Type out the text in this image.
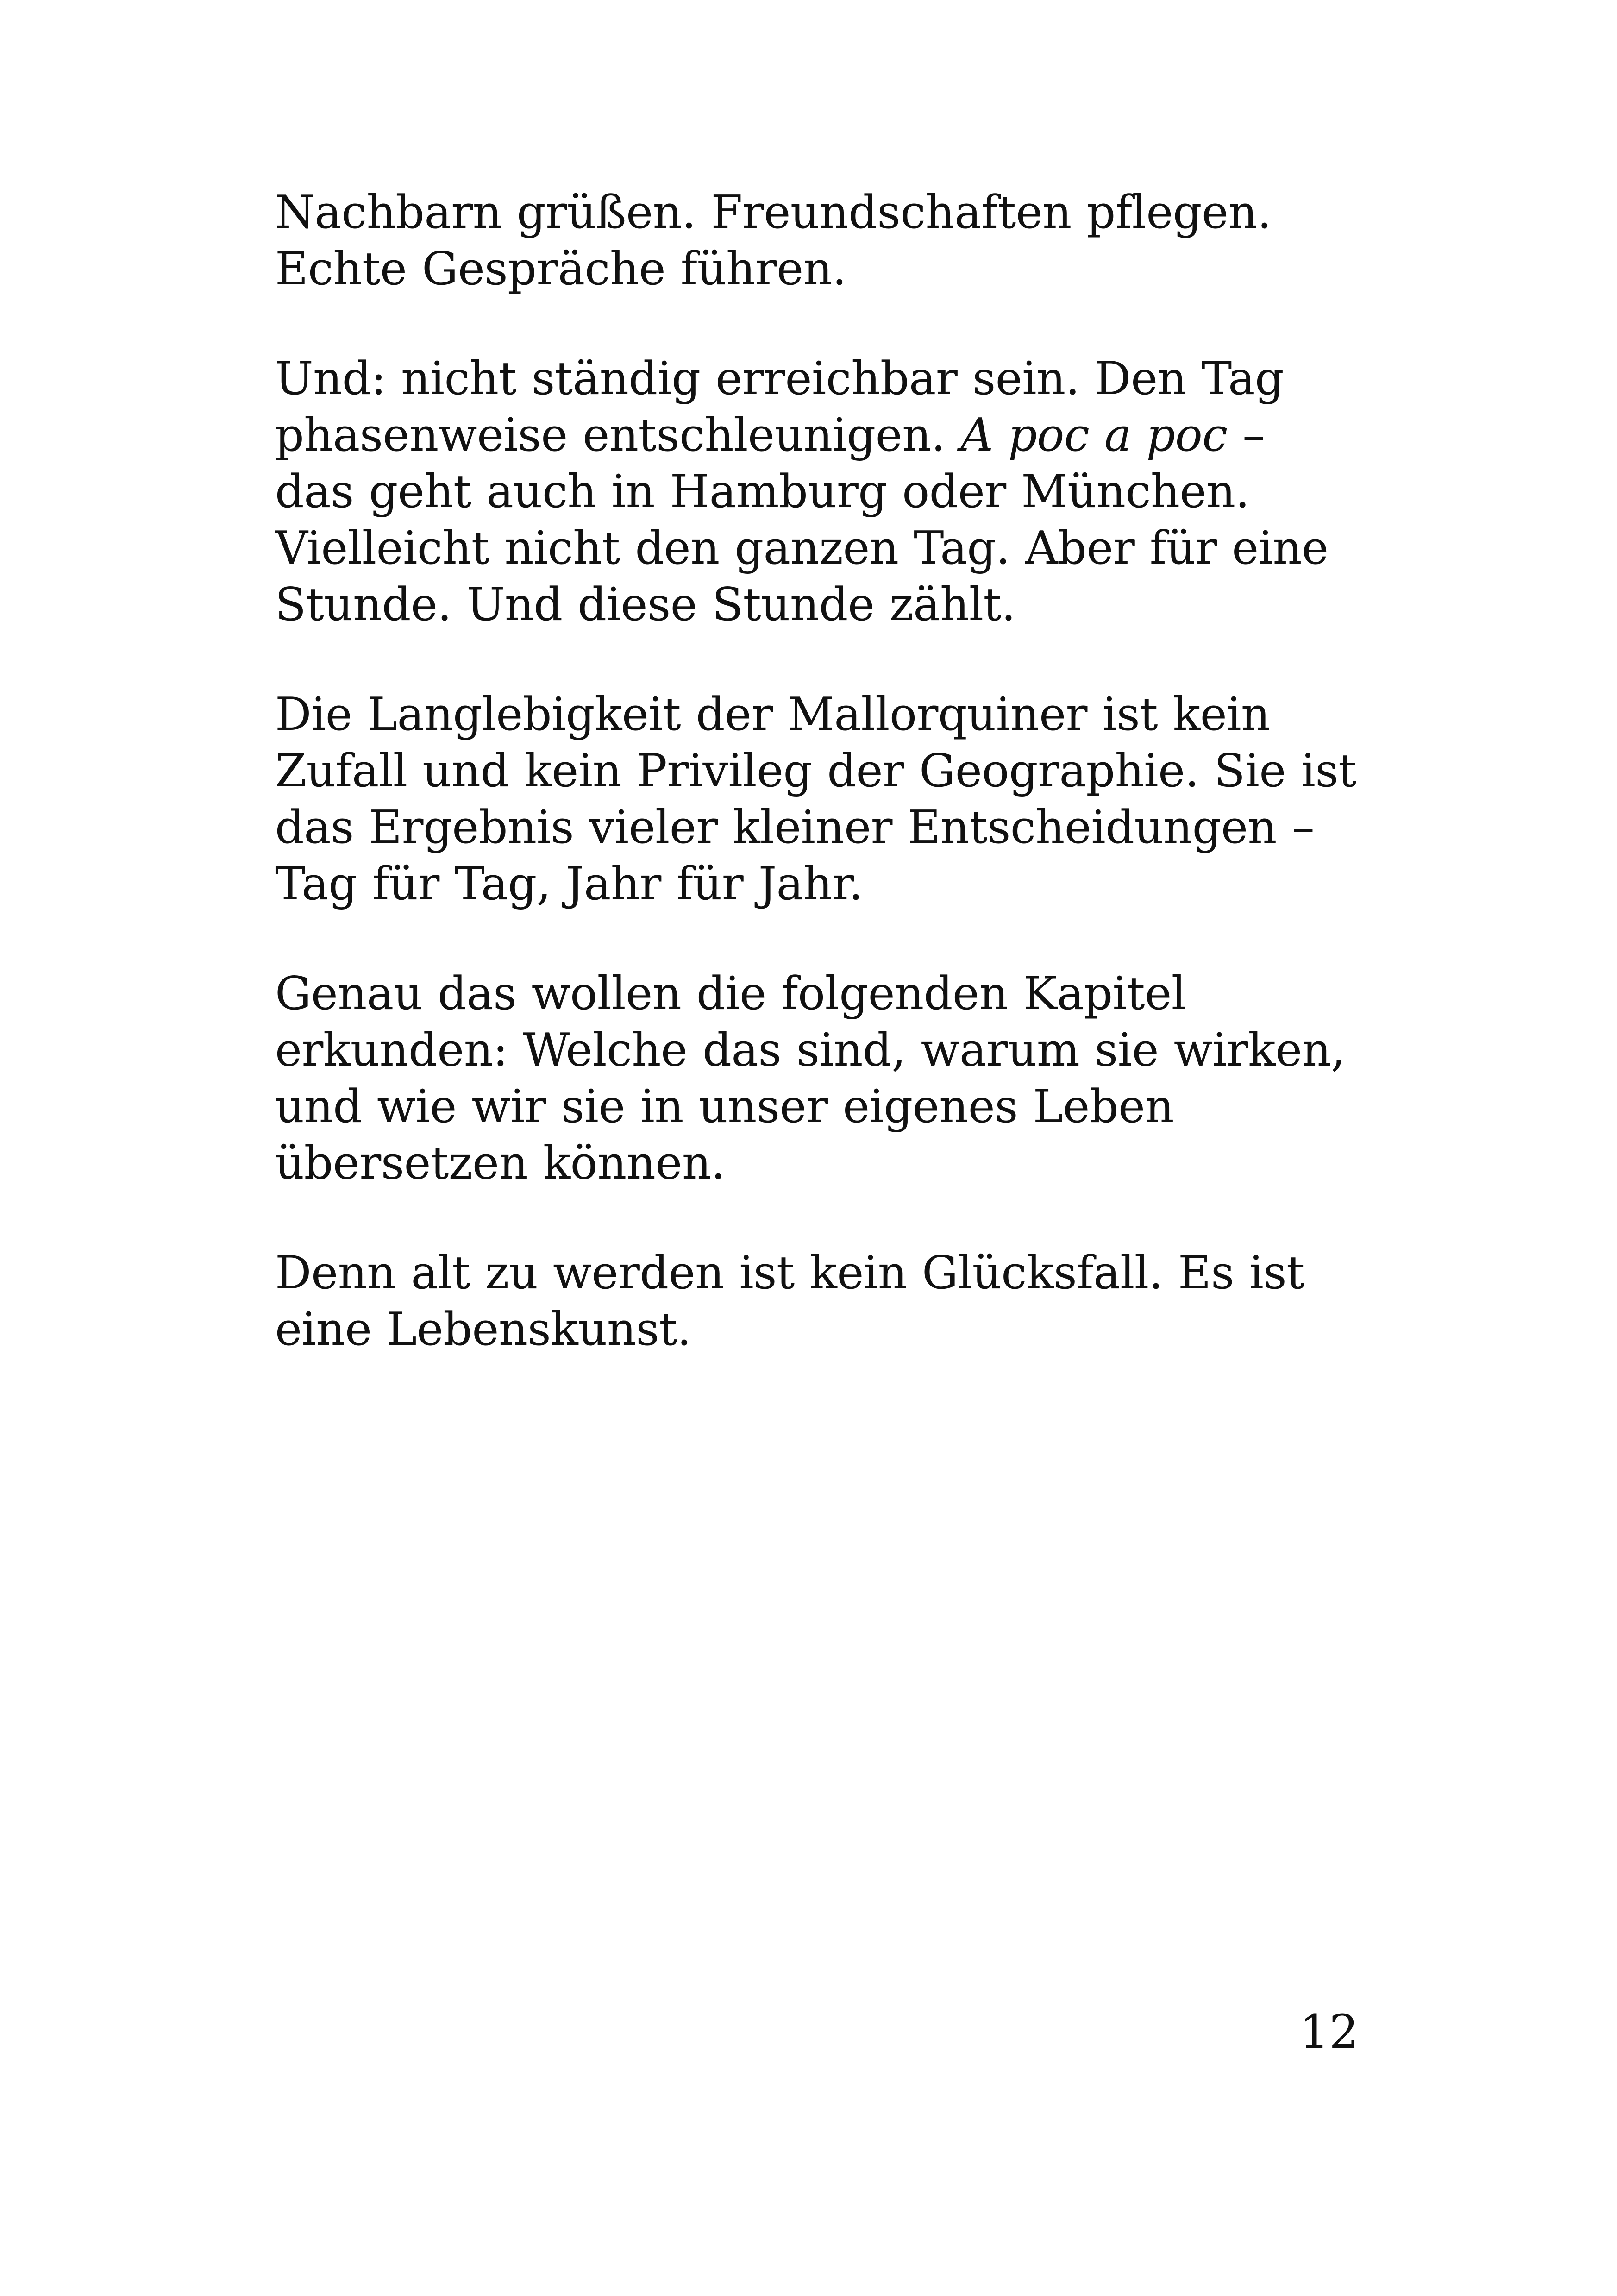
Nachbarn grüßen. Freundschaften pflegen. Echte Gespräche führen.

Und: nicht ständig erreichbar sein. Den Tag phasenweise entschleunigen. A poc a poc – das geht auch in Hamburg oder München. Vielleicht nicht den ganzen Tag. Aber für eine Stunde. Und diese Stunde zählt.

Die Langlebigkeit der Mallorquiner ist kein Zufall und kein Privileg der Geographie. Sie ist das Ergebnis vieler kleiner Entscheidungen – Tag für Tag, Jahr für Jahr.

Genau das wollen die folgenden Kapitel erkunden: Welche das sind, warum sie wirken, und wie wir sie in unser eigenes Leben übersetzen können.

Denn alt zu werden ist kein Glücksfall. Es ist eine Lebenskunst.

12
